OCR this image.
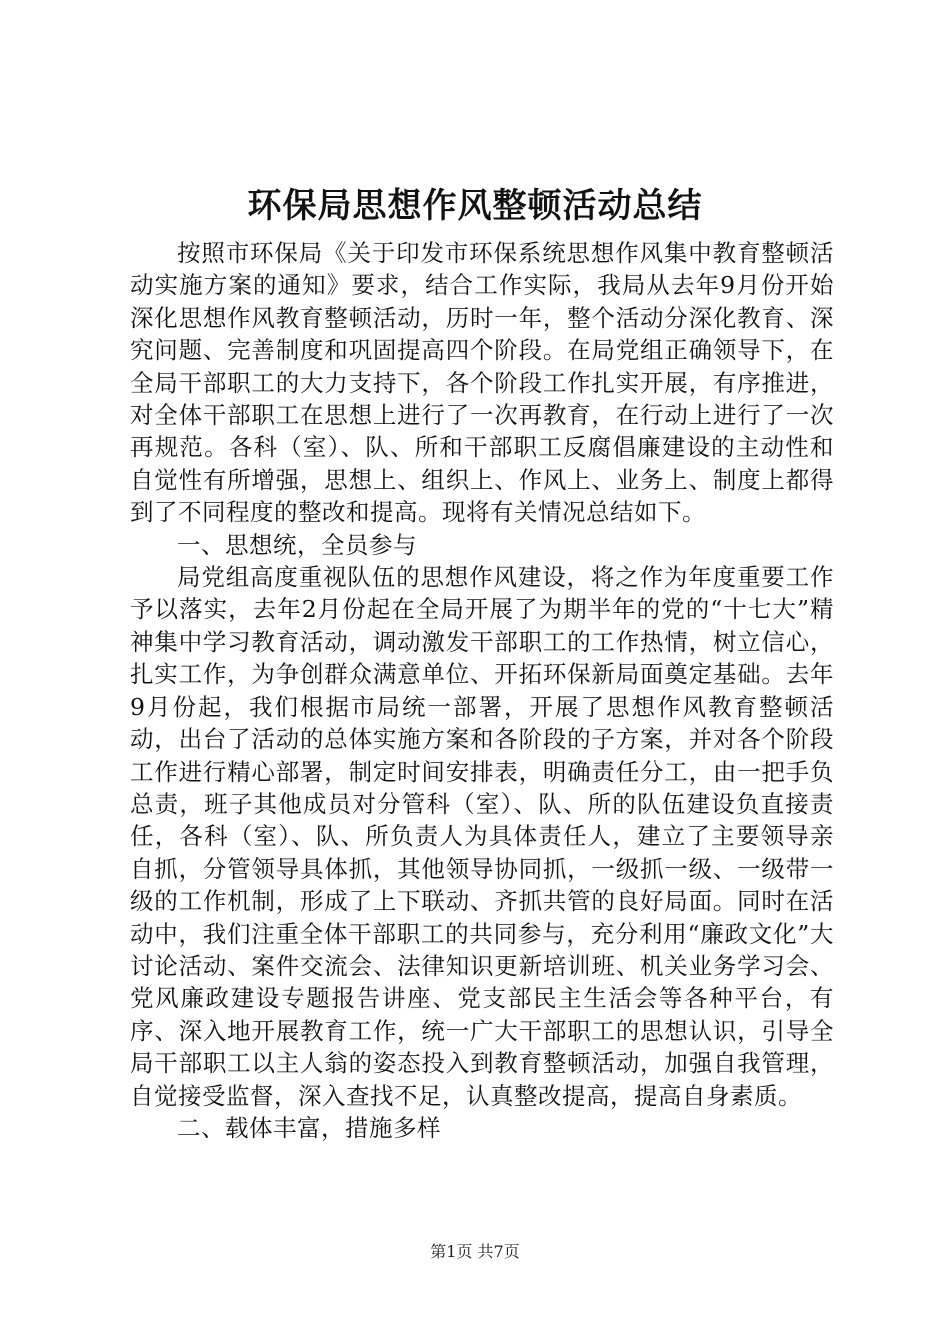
环保局思想作风整顿活动总结

按照市环保局《关于印发市环保系统思想作风集中教育整顿活动实施方案的通知》要求，结合工作实际，我局从去年9月份开始深化思想作风教育整顿活动，历时一年，整个活动分深化教育、深究问题、完善制度和巩固提高四个阶段。在局党组正确领导下，在全局干部职工的大力支持下，各个阶段工作扎实开展，有序推进，对全体干部职工在思想上进行了一次再教育，在行动上进行了一次再规范。各科（室）、队、所和干部职工反腐倡廉建设的主动性和自觉性有所增强，思想上、组织上、作风上、业务上、制度上都得到了不同程度的整改和提高。现将有关情况总结如下。

一、思想统，全员参与

局党组高度重视队伍的思想作风建设，将之作为年度重要工作予以落实，去年2月份起在全局开展了为期半年的党的“十七大”精神集中学习教育活动，调动激发干部职工的工作热情，树立信心，扎实工作，为争创群众满意单位、开拓环保新局面奠定基础。去年9月份起，我们根据市局统一部署，开展了思想作风教育整顿活动，出台了活动的总体实施方案和各阶段的子方案，并对各个阶段工作进行精心部署，制定时间安排表，明确责任分工，由一把手负总责，班子其他成员对分管科（室）、队、所的队伍建设负直接责任，各科（室）、队、所负责人为具体责任人，建立了主要领导亲自抓，分管领导具体抓，其他领导协同抓，一级抓一级、一级带一级的工作机制，形成了上下联动、齐抓共管的良好局面。同时在活动中，我们注重全体干部职工的共同参与，充分利用“廉政文化”大讨论活动、案件交流会、法律知识更新培训班、机关业务学习会、党风廉政建设专题报告讲座、党支部民主生活会等各种平台，有序、深入地开展教育工作，统一广大干部职工的思想认识，引导全局干部职工以主人翁的姿态投入到教育整顿活动，加强自我管理，自觉接受监督，深入查找不足，认真整改提高，提高自身素质。

二、载体丰富，措施多样

第1页 共7页
